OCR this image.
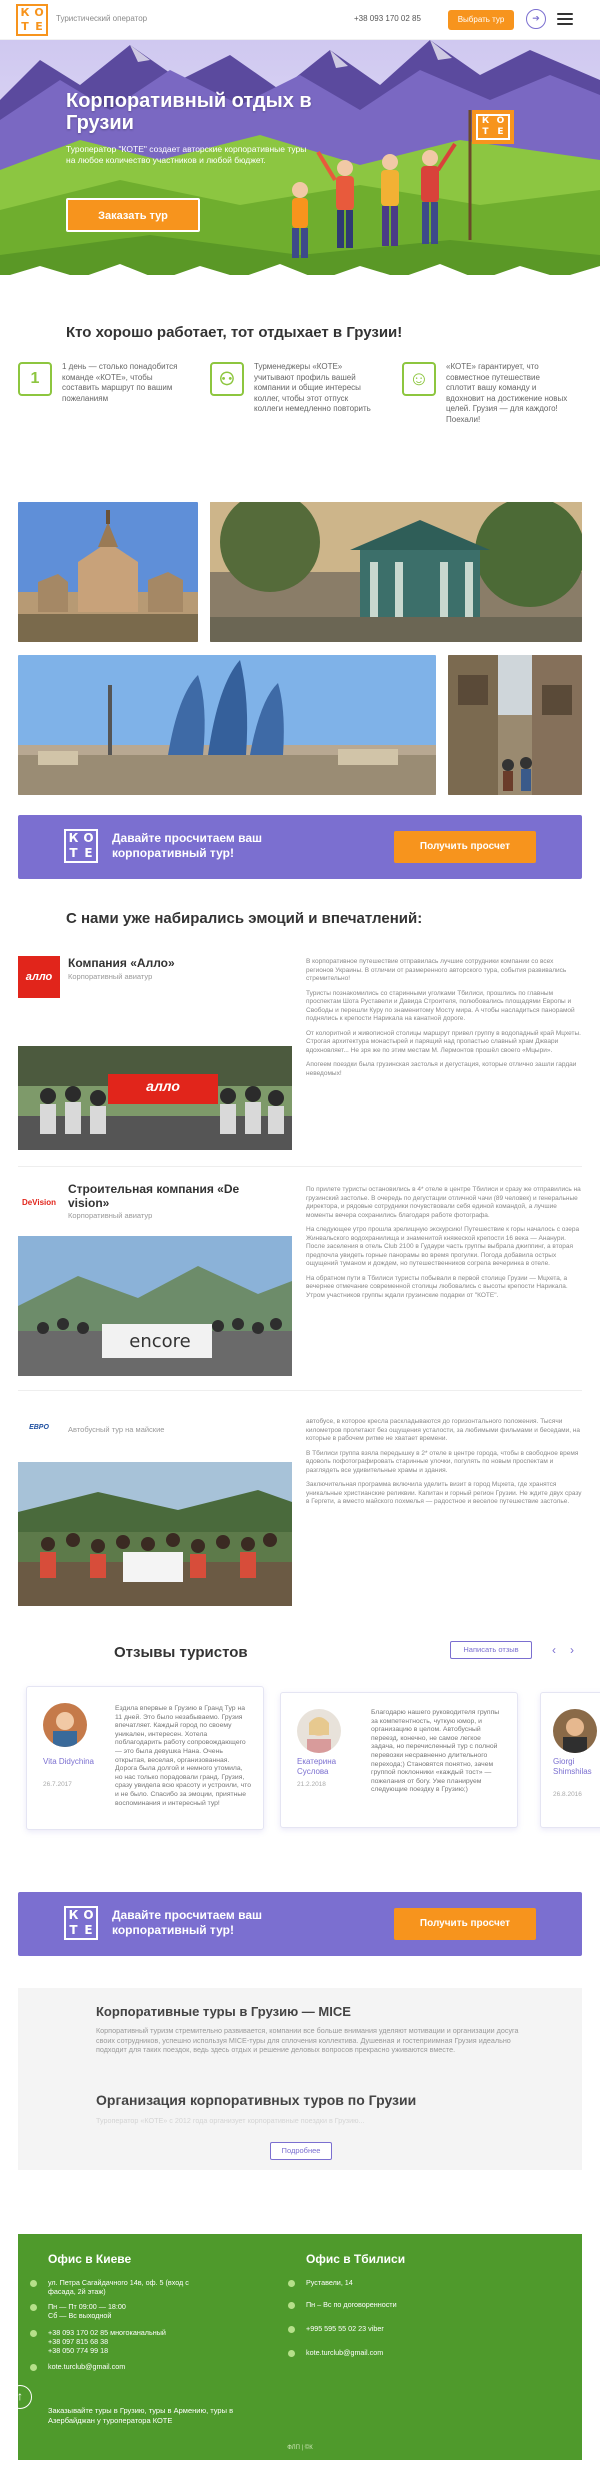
К О
Т Е
Туристический оператор	+38 093 170 02 85	Выбрать тур	➔
К О
Т Е
Корпоративный отдых в Грузии
Туроператор "КОТЕ" создает авторские корпоративные туры на любое количество участников и любой бюджет.
Заказать тур
Кто хорошо работает, тот отдыхает в Грузии!
1
1 день — столько понадобится команде «КОТЕ», чтобы составить маршрут по вашим пожеланиям
⚇
Турменеджеры «КОТЕ» учитывают профиль вашей компании и общие интересы коллег, чтобы этот отпуск коллеги немедленно повторить
☺
«КОТЕ» гарантирует, что совместное путешествие сплотит вашу команду и вдохновит на достижение новых целей. Грузия — для каждого! Поехали!
К О
Т Е
Давайте просчитаем ваш корпоративный тур!	Получить просчет
С нами уже набирались эмоций и впечатлений:
алло
Компания «Алло»
Корпоративный авиатур
алло

В корпоративное путешествие отправилась лучшие сотрудники компании со всех регионов Украины. В отличии от размеренного авторского тура, события развивались стремительно!

Туристы познакомились со старинными уголками Тбилиси, прошлись по главным проспектам Шота Руставели и Давида Строителя, полюбовались площадями Европы и Свободы и перешли Куру по знаменитому Мосту мира. А чтобы насладиться панорамой поднялись к крепости Нарикала на канатной дороге.

От колоритной и живописной столицы маршрут привел группу в водопадный край Мцхеты. Строгая архитектура монастырей и парящий над пропастью славный храм Джвари вдохновляет... Не зря же по этим местам М. Лермонтов прошёл своего «Мцыри».

Апогеем поездки была грузинская застолья и дегустация, которые отлично зашли гардаи неведомых!

DeVision
Строительная компания «De vision»
Корпоративный авиатур
encore

По прилете туристы остановились в 4* отеле в центре Тбилиси и сразу же отправились на грузинский застолье. В очередь по дегустации отличной чачи (89 человек) и генеральные директора, и рядовые сотрудники почувствовали себя единой командой, а лучшие моменты вечера сохранились благодаря работе фотографа.

На следующее утро прошла зрелищную экскурсию! Путешествие к горы началось с озера Жинвальского водохранилища и знаменитой княжеской крепости 16 века — Ананури. После заселения в отель Club 2100 в Гудаури часть группы выбрала джиппинг, а вторая предпочла увидеть горные панорамы во время прогулки. Погода добавила острых ощущений туманом и дождем, но путешественников согрела вечеринка в отеле.

На обратном пути в Тбилиси туристы побывали в первой столице Грузии — Мцхета, а вечернее отмечание современной столицы любовались с высоты крепости Нарикала. Утром участников группы ждали грузинские подарки от "КОТЕ".

ЕВРО	Автобусный тур на майские

автобусе, в которое кресла раскладываются до горизонтального положения. Тысячи километров пролетают без ощущения усталости, за любимыми фильмами и беседами, на которые в рабочем ритме не хватает времени.

В Тбилиси группа взяла передышку в 2* отеле в центре города, чтобы в свободное время вдоволь пофотографировать старинные улочки, погулять по новым проспектам и разглядеть все удивительные храмы и здания.

Заключительная программа включила уделить визит в город Мцхета, где хранятся уникальные христианские реликвии. Капитан и горный регион Грузии. Не ждите двух сразу в Гергети, а вместо майского похмелья — радостное и веселое путешествие застолье.

Отзывы туристов	Написать отзыв	‹ ›
Vita Didychina
26.7.2017
Ездила впервые в Грузию в Гранд Тур на 11 дней. Это было незабываемо. Грузия впечатляет. Каждый город по своему уникален, интересен. Хотела поблагодарить работу сопровождающего — это была девушка Нана. Очень открытая, веселая, организованная. Дорога была долгой и немного утомила, но нас только порадовали гранд. Грузия, сразу увидела всю красоту и устроили, что и не было. Спасибо за эмоции, приятные воспоминания и интересный тур!
Екатерина Суслова
21.2.2018
Благодарю нашего руководителя группы за компетентность, чуткую юмор, и организацию в целом. Автобусный переезд, конечно, не самое легкое задача, но перечисленный тур с полной перевозки несравненно длительного перехода;) Становятся понятно, зачем группой поклонники «каждый тост» — пожелания от богу. Уже планируем следующие поездку в Грузию;)
Giorgi Shimshilas
26.8.2016
К О
Т Е
Давайте просчитаем ваш корпоративный тур!	Получить просчет
Корпоративные туры в Грузию — MICE
Корпоративный туризм стремительно развивается, компании все больше внимания уделяют мотивации и организации досуга своих сотрудников, успешно используя MICE-туры для сплочения коллектива. Душевная и гостеприимная Грузия идеально подходит для таких поездок, ведь здесь отдых и решение деловых вопросов прекрасно уживаются вместе.
Организация корпоративных туров по Грузии
Туроператор «КОТЕ» с 2012 года организует корпоративные поездки в Грузию...
Подробнее
Офис в Киеве
ул. Петра Сагайдачного 14в, оф. 5 (вход с фасада, 2й этаж)
Пн — Пт 09:00 — 18:00
Сб — Вс выходной
+38 093 170 02 85 многоканальный
+38 097 815 68 38
+38 050 774 99 18
kote.turclub@gmail.com
Офис в Тбилиси
Руставели, 14
Пн – Вс по договоренности
+995 595 55 02 23 viber
kote.turclub@gmail.com
Заказывайте туры в Грузию, туры в Армению, туры в Азербайджан у туроператора КОТЕ
ФЛП | ©К
↑
